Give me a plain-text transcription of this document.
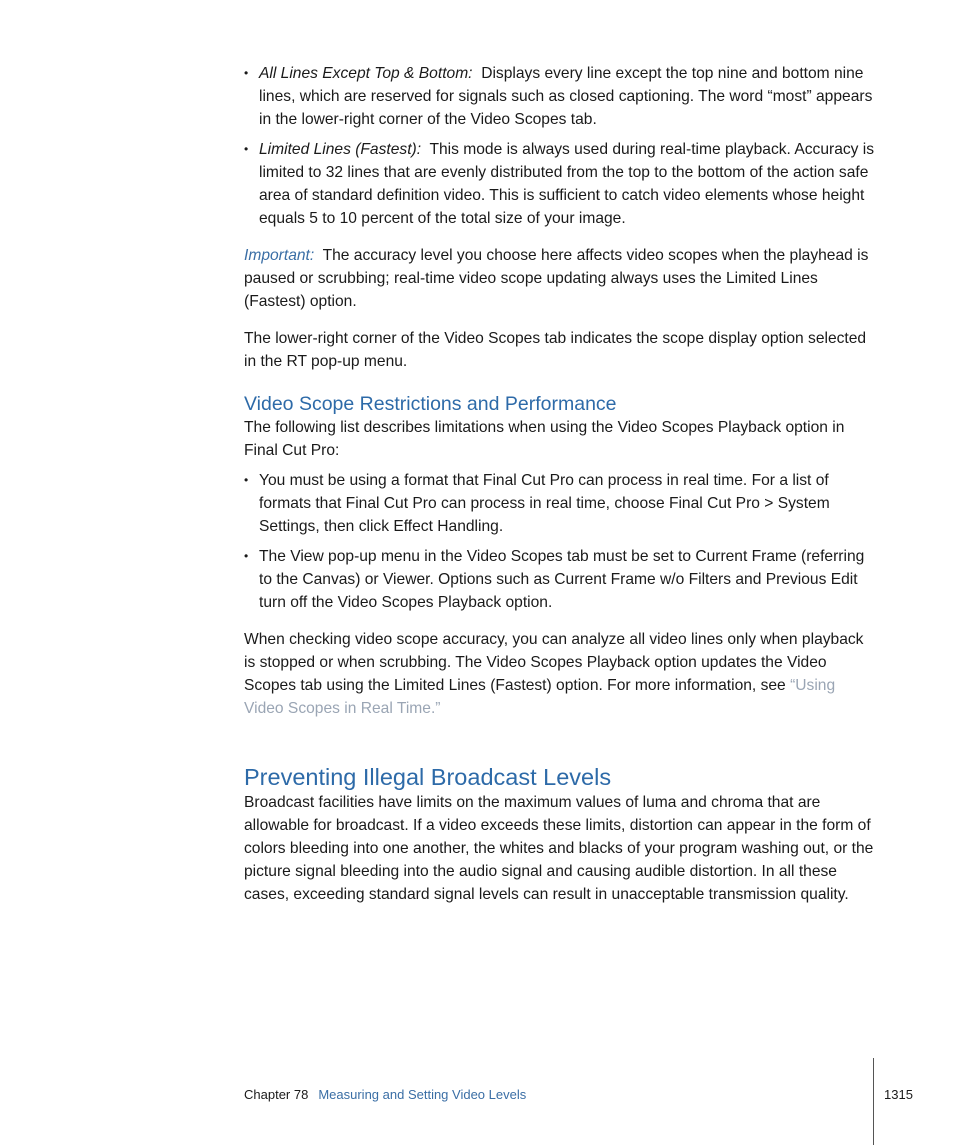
• All Lines Except Top & Bottom: Displays every line except the top nine and bottom nine lines, which are reserved for signals such as closed captioning. The word “most” appears in the lower-right corner of the Video Scopes tab.
• Limited Lines (Fastest): This mode is always used during real-time playback. Accuracy is limited to 32 lines that are evenly distributed from the top to the bottom of the action safe area of standard definition video. This is sufficient to catch video elements whose height equals 5 to 10 percent of the total size of your image.

Important: The accuracy level you choose here affects video scopes when the playhead is paused or scrubbing; real-time video scope updating always uses the Limited Lines (Fastest) option.

The lower-right corner of the Video Scopes tab indicates the scope display option selected in the RT pop-up menu.

Video Scope Restrictions and Performance

The following list describes limitations when using the Video Scopes Playback option in Final Cut Pro:

• You must be using a format that Final Cut Pro can process in real time. For a list of formats that Final Cut Pro can process in real time, choose Final Cut Pro > System Settings, then click Effect Handling.
• The View pop-up menu in the Video Scopes tab must be set to Current Frame (referring to the Canvas) or Viewer. Options such as Current Frame w/o Filters and Previous Edit turn off the Video Scopes Playback option.

When checking video scope accuracy, you can analyze all video lines only when playback is stopped or when scrubbing. The Video Scopes Playback option updates the Video Scopes tab using the Limited Lines (Fastest) option. For more information, see “Using Video Scopes in Real Time.”

Preventing Illegal Broadcast Levels

Broadcast facilities have limits on the maximum values of luma and chroma that are allowable for broadcast. If a video exceeds these limits, distortion can appear in the form of colors bleeding into one another, the whites and blacks of your program washing out, or the picture signal bleeding into the audio signal and causing audible distortion. In all these cases, exceeding standard signal levels can result in unacceptable transmission quality.

Chapter 78 Measuring and Setting Video Levels	1315
